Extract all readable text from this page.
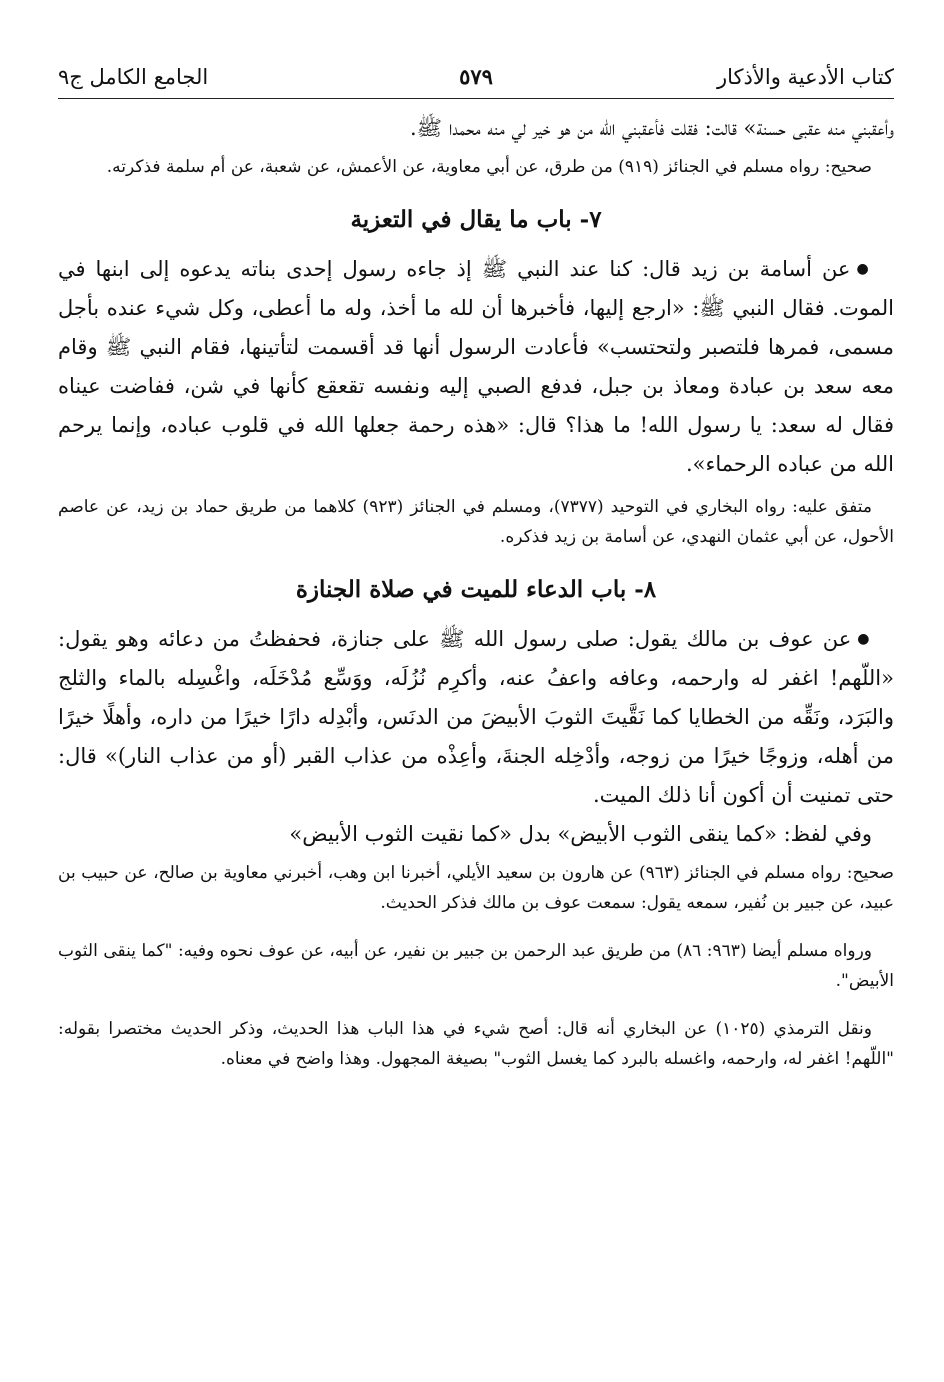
كتاب الأدعية والأذكار
٥٧٩
الجامع الكامل ج٩

وأعقبني منه عقبى حسنة» قالت: فقلت فأعقبني الله من هو خير لي منه محمدا ﷺ.

صحيح: رواه مسلم في الجنائز (٩١٩) من طرق، عن أبي معاوية، عن الأعمش، عن شعبة، عن أم سلمة فذكرته.

٧- باب ما يقال في التعزية

●عن أسامة بن زيد قال: كنا عند النبي ﷺ إذ جاءه رسول إحدى بناته يدعوه إلى ابنها في الموت. فقال النبي ﷺ: «ارجع إليها، فأخبرها أن لله ما أخذ، وله ما أعطى، وكل شيء عنده بأجل مسمى، فمرها فلتصبر ولتحتسب» فأعادت الرسول أنها قد أقسمت لتأتينها، فقام النبي ﷺ وقام معه سعد بن عبادة ومعاذ بن جبل، فدفع الصبي إليه ونفسه تقعقع كأنها في شن، ففاضت عيناه فقال له سعد: يا رسول الله! ما هذا؟ قال: «هذه رحمة جعلها الله في قلوب عباده، وإنما يرحم الله من عباده الرحماء».

متفق عليه: رواه البخاري في التوحيد (٧٣٧٧)، ومسلم في الجنائز (٩٢٣) كلاهما من طريق حماد بن زيد، عن عاصم الأحول، عن أبي عثمان النهدي، عن أسامة بن زيد فذكره.

٨- باب الدعاء للميت في صلاة الجنازة

●عن عوف بن مالك يقول: صلى رسول الله ﷺ على جنازة، فحفظتُ من دعائه وهو يقول: «اللّهم! اغفر له وارحمه، وعافه واعفُ عنه، وأكرِم نُزُلَه، ووَسِّع مُدْخَلَه، واغْسِله بالماء والثلج والبَرَد، ونَقِّه من الخطايا كما نَقَّيتَ الثوبَ الأبيضَ من الدنَس، وأبْدِله دارًا خيرًا من داره، وأهلًا خيرًا من أهله، وزوجًا خيرًا من زوجه، وأدْخِله الجنةَ، وأعِذْه من عذاب القبر (أو من عذاب النار)» قال: حتى تمنيت أن أكون أنا ذلك الميت.

وفي لفظ: «كما ينقى الثوب الأبيض» بدل «كما نقيت الثوب الأبيض»

صحيح: رواه مسلم في الجنائز (٩٦٣) عن هارون بن سعيد الأيلي، أخبرنا ابن وهب، أخبرني معاوية بن صالح، عن حبيب بن عبيد، عن جبير بن نُفير، سمعه يقول: سمعت عوف بن مالك فذكر الحديث.

ورواه مسلم أيضا (٩٦٣: ٨٦) من طريق عبد الرحمن بن جبير بن نفير، عن أبيه، عن عوف نحوه وفيه: "كما ينقى الثوب الأبيض".

ونقل الترمذي (١٠٢٥) عن البخاري أنه قال: أصح شيء في هذا الباب هذا الحديث، وذكر الحديث مختصرا بقوله: "اللّهم! اغفر له، وارحمه، واغسله بالبرد كما يغسل الثوب" بصيغة المجهول. وهذا واضح في معناه.
